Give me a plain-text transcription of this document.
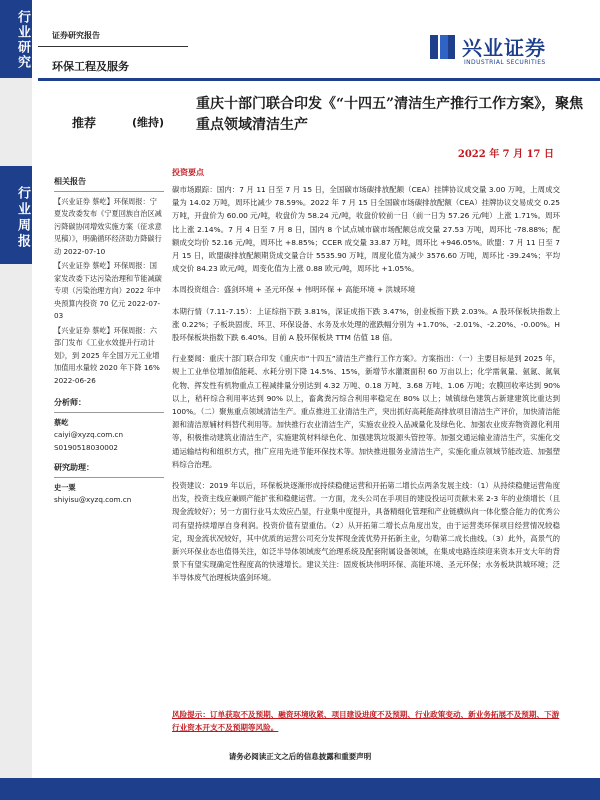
行业研究
行业周报
证券研究报告
环保工程及服务
兴业证券
INDUSTRIAL SECURITIES
推荐	(维持)
重庆十部门联合印发《“十四五”清洁生产推行工作方案》，聚焦重点领域清洁生产
2022 年 7 月 17 日
相关报告
【兴业证券 蔡屹】环保周报：宁夏发改委发布《宁夏回族自治区减污降碳协同增效实施方案（征求意见稿）》，明确循环经济助力降碳行动 2022-07-10
【兴业证券 蔡屹】环保周报：国家发改委下达污染治理和节能减碳专项（污染治理方向）2022 年中央预算内投资 70 亿元 2022-07-03
【兴业证券 蔡屹】环保周报：六部门发布《工业水效提升行动计划》，到 2025 年全国万元工业增加值用水量较 2020 年下降 16% 2022-06-26
分析师：
蔡屹
caiyi@xyzq.com.cn
S0190518030002
研究助理：
史一粟
shiyisu@xyzq.com.cn
投资要点

碳市场跟踪：国内：7 月 11 日至 7 月 15 日，全国碳市场碳排放配额（CEA）挂牌协议成交量 3.00 万吨，上周成交量为 14.02 万吨，周环比减少 78.59%。2022 年 7 月 15 日全国碳市场碳排放配额（CEA）挂牌协议交易成交 0.25 万吨，开盘价为 60.00 元/吨，收盘价为 58.24 元/吨，收盘价较前一日（前一日为 57.26 元/吨）上涨 1.71%。周环比上涨 2.14%。7 月 4 日至 7 月 8 日，国内 8 个试点城市碳市场配额总成交量 27.53 万吨，周环比 -78.88%；配额成交均价 52.16 元/吨，周环比 +8.85%；CCER 成交量 33.87 万吨，周环比 +946.05%。欧盟：7 月 11 日至 7 月 15 日，欧盟碳排放配额期货成交量合计 5535.90 万吨，周度化值为减少 3576.60 万吨，周环比 -39.24%；平均成交价 84.23 欧元/吨，周变化值为上涨 0.88 欧元/吨，周环比 +1.05%。

本周投资组合：盛剑环境 + 圣元环保 + 伟明环保 + 高能环境 + 洪城环境

本期行情（7.11-7.15）：上证综指下跌 3.81%，深证成指下跌 3.47%，创业板指下跌 2.03%。A 股环保板块指数上涨 0.22%；子板块固废、环卫、环保设备、水务及水处理的涨跌幅分别为 +1.70%、-2.01%、-2.20%、-0.00%。H 股环保板块指数下跌 6.40%。目前 A 股环保板块 TTM 估值 18 倍。

行业要闻：重庆十部门联合印发《重庆市“十四五”清洁生产推行工作方案》。方案指出：（一）主要目标是到 2025 年，规上工业单位增加值能耗、水耗分别下降 14.5%、15%，新增节水灌溉面积 60 万亩以上；化学需氧量、氨氮、氮氧化物、挥发性有机物重点工程减排量分别达到 4.32 万吨、0.18 万吨、3.68 万吨、1.06 万吨；农膜回收率达到 90% 以上，秸秆综合利用率达到 90% 以上，畜禽粪污综合利用率稳定在 80% 以上；城镇绿色建筑占新建建筑比重达到 100%。（二）聚焦重点领域清洁生产。重点推进工业清洁生产，突出抓好高耗能高排放项目清洁生产评价，加快清洁能源和清洁原辅材料替代利用等。加快推行农业清洁生产，实施农业投入品减量化及绿色化、加强农业废弃物资源化利用等，积极推动建筑业清洁生产，实施建筑材料绿色化、加强建筑垃圾源头管控等。加强交通运输业清洁生产，实施化交通运输结构和组织方式，推广应用先进节能环保技术等。加快推进服务业清洁生产，实施化重点领域节能改造、加强塑料综合治理。

投资建议：2019 年以后，环保板块逐渐形成持续稳健运营和开拓第二增长点两条发展主线：（1）从持续稳健运营角度出发，投资主线应兼顾产能扩张和稳健运营。一方面，龙头公司在手项目的建设投运可贡献未来 2-3 年的业绩增长（且现金流较好）；另一方面行业马太效应凸显，行业集中度提升，具备精细化管理和产业链横纵向一体化整合能力的优秀公司有望持续增厚自身利润。投资价值有望重估。（2）从开拓第二增长点角度出发，由于运营类环保项目经营情况较稳定，现金流状况较好，其中优质的运营公司充分发挥现金流优势开拓新主业，匀勒第二成长曲线。（3）此外，高景气的新兴环保业态也值得关注，如泛半导体领域废气治理系统及配套附属设备领域，在集成电路连续迎来资本开支大年的背景下有望实现确定性程度高的快速增长。建议关注：固废板块伟明环保、高能环境、圣元环保；水务板块洪城环境；泛半导体废气治理板块盛剑环境。

风险提示：订单获取不及预期、融资环境收紧、项目建设进度不及预期、行业政策变动、新业务拓展不及预期、下游行业资本开支不及预期等风险。
请务必阅读正文之后的信息披露和重要声明
